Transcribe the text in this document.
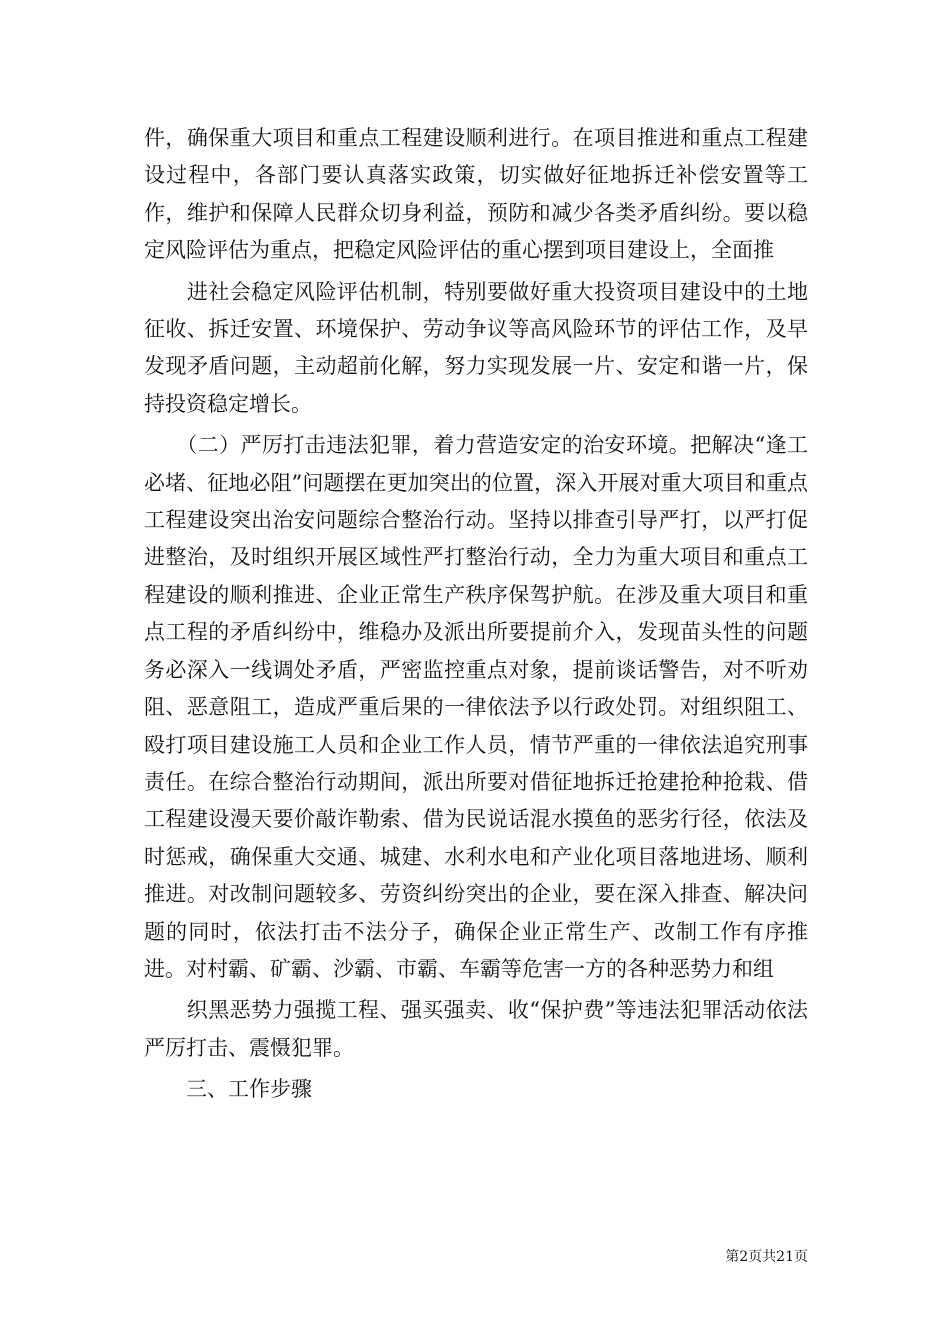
件，确保重大项目和重点工程建设顺利进行。在项目推进和重点工程建设过程中，各部门要认真落实政策，切实做好征地拆迁补偿安置等工作，维护和保障人民群众切身利益，预防和减少各类矛盾纠纷。要以稳定风险评估为重点，把稳定风险评估的重心摆到项目建设上，全面推

　　进社会稳定风险评估机制，特别要做好重大投资项目建设中的土地征收、拆迁安置、环境保护、劳动争议等高风险环节的评估工作，及早发现矛盾问题，主动超前化解，努力实现发展一片、安定和谐一片，保持投资稳定增长。

　　（二）严厉打击违法犯罪，着力营造安定的治安环境。把解决“逢工必堵、征地必阻”问题摆在更加突出的位置，深入开展对重大项目和重点工程建设突出治安问题综合整治行动。坚持以排查引导严打，以严打促进整治，及时组织开展区域性严打整治行动，全力为重大项目和重点工程建设的顺利推进、企业正常生产秩序保驾护航。在涉及重大项目和重点工程的矛盾纠纷中，维稳办及派出所要提前介入，发现苗头性的问题务必深入一线调处矛盾，严密监控重点对象，提前谈话警告，对不听劝阻、恶意阻工，造成严重后果的一律依法予以行政处罚。对组织阻工、殴打项目建设施工人员和企业工作人员，情节严重的一律依法追究刑事责任。在综合整治行动期间，派出所要对借征地拆迁抢建抢种抢栽、借工程建设漫天要价敲诈勒索、借为民说话混水摸鱼的恶劣行径，依法及时惩戒，确保重大交通、城建、水利水电和产业化项目落地进场、顺利推进。对改制问题较多、劳资纠纷突出的企业，要在深入排查、解决问题的同时，依法打击不法分子，确保企业正常生产、改制工作有序推进。对村霸、矿霸、沙霸、市霸、车霸等危害一方的各种恶势力和组

　　织黑恶势力强揽工程、强买强卖、收“保护费”等违法犯罪活动依法严厉打击、震慑犯罪。

　　三、工作步骤

第2页共21页
